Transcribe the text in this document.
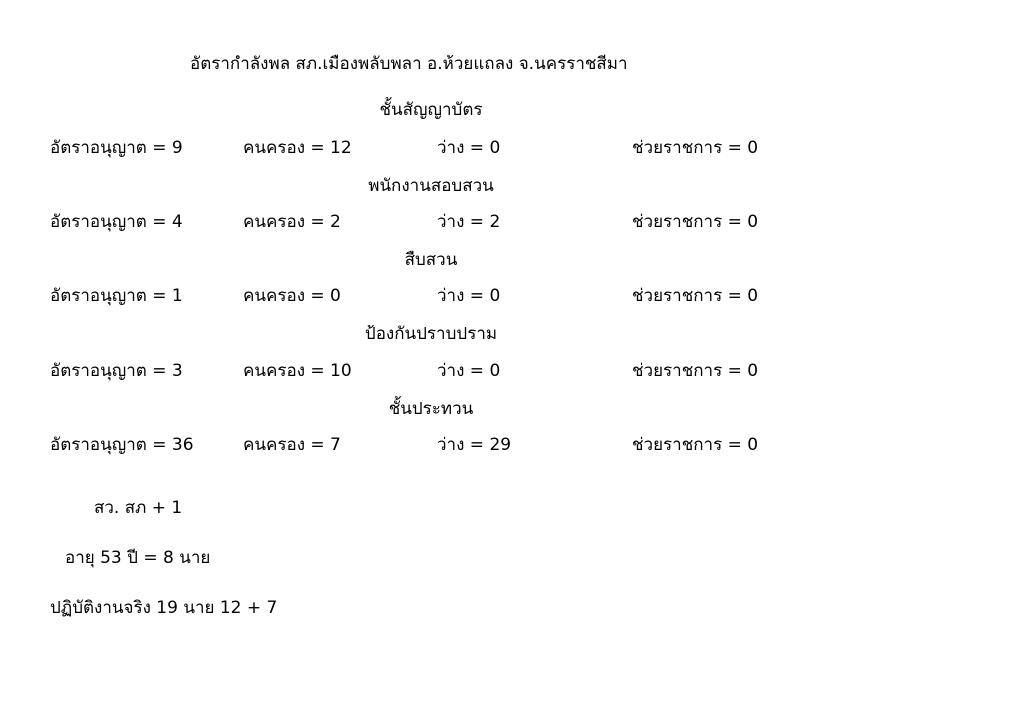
อัตรากำลังพล สภ.เมืองพลับพลา อ.ห้วยแถลง จ.นครราชสีมา
ชั้นสัญญาบัตร
อัตราอนุญาต = 9	คนครอง = 12	ว่าง = 0	ช่วยราชการ = 0
พนักงานสอบสวน
อัตราอนุญาต = 4	คนครอง = 2	ว่าง = 2	ช่วยราชการ = 0
สืบสวน
อัตราอนุญาต = 1	คนครอง = 0	ว่าง = 0	ช่วยราชการ = 0
ป้องกันปราบปราม
อัตราอนุญาต = 3	คนครอง = 10	ว่าง = 0	ช่วยราชการ = 0
ชั้นประทวน
อัตราอนุญาต = 36	คนครอง = 7	ว่าง = 29	ช่วยราชการ = 0
สว. สภ + 1
อายุ 53 ปี = 8 นาย
ปฏิบัติงานจริง 19 นาย 12 + 7
